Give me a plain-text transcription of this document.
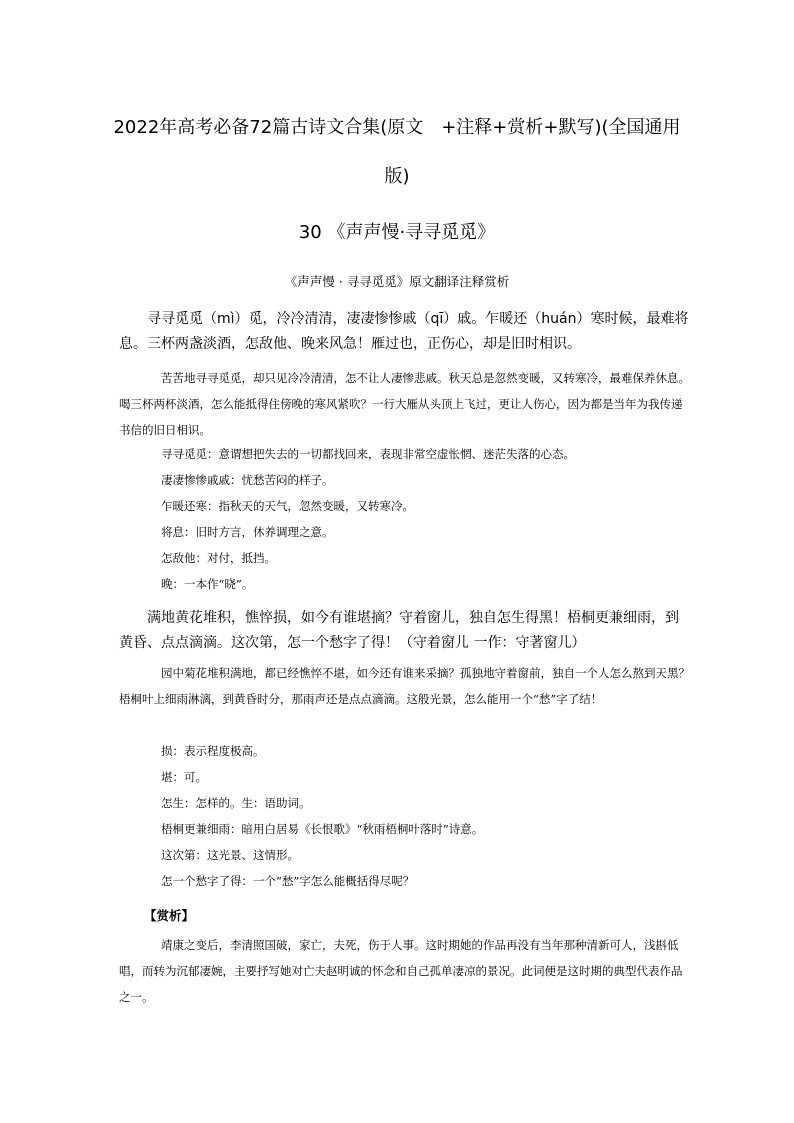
2022年高考必备72篇古诗文合集(原文　+注释+赏析+默写)(全国通用
版)
30 《声声慢·寻寻觅觅》
《声声慢 · 寻寻觅觅》原文翻译注释赏析
寻寻觅觅（mì）觅，冷冷清清，凄凄惨惨戚（qī）戚。乍暖还（huán）寒时候，最难将息。三杯两盏淡酒，怎敌他、晚来风急！雁过也，正伤心，却是旧时相识。
苦苦地寻寻觅觅，却只见冷冷清清，怎不让人凄惨悲戚。秋天总是忽然变暖，又转寒冷，最难保养休息。喝三杯两杯淡酒，怎么能抵得住傍晚的寒风紧吹？一行大雁从头顶上飞过，更让人伤心，因为都是当年为我传递书信的旧日相识。

寻寻觅觅：意谓想把失去的一切都找回来，表现非常空虚怅惘、迷茫失落的心态。

凄凄惨惨戚戚：忧愁苦闷的样子。

乍暖还寒：指秋天的天气，忽然变暖，又转寒冷。

将息：旧时方言，休养调理之意。

怎敌他：对付，抵挡。

晚：一本作“晓”。

满地黄花堆积，憔悴损，如今有谁堪摘？守着窗儿，独自怎生得黑！梧桐更兼细雨，到黄昏、点点滴滴。这次第，怎一个愁字了得！（守着窗儿 一作：守著窗儿）
园中菊花堆积满地，都已经憔悴不堪，如今还有谁来采摘？孤独地守着窗前，独自一个人怎么熬到天黑？梧桐叶上细雨淋漓，到黄昏时分，那雨声还是点点滴滴。这般光景，怎么能用一个“愁”字了结！

损：表示程度极高。

堪：可。

怎生：怎样的。生：语助词。

梧桐更兼细雨：暗用白居易《长恨歌》“秋雨梧桐叶落时”诗意。

这次第：这光景、这情形。

怎一个愁字了得：一个“愁”字怎么能概括得尽呢？

【赏析】

靖康之变后，李清照国破，家亡，夫死，伤于人事。这时期她的作品再没有当年那种清新可人，浅斟低唱，而转为沉郁凄婉，主要抒写她对亡夫赵明诚的怀念和自己孤单凄凉的景况。此词便是这时期的典型代表作品之一。
